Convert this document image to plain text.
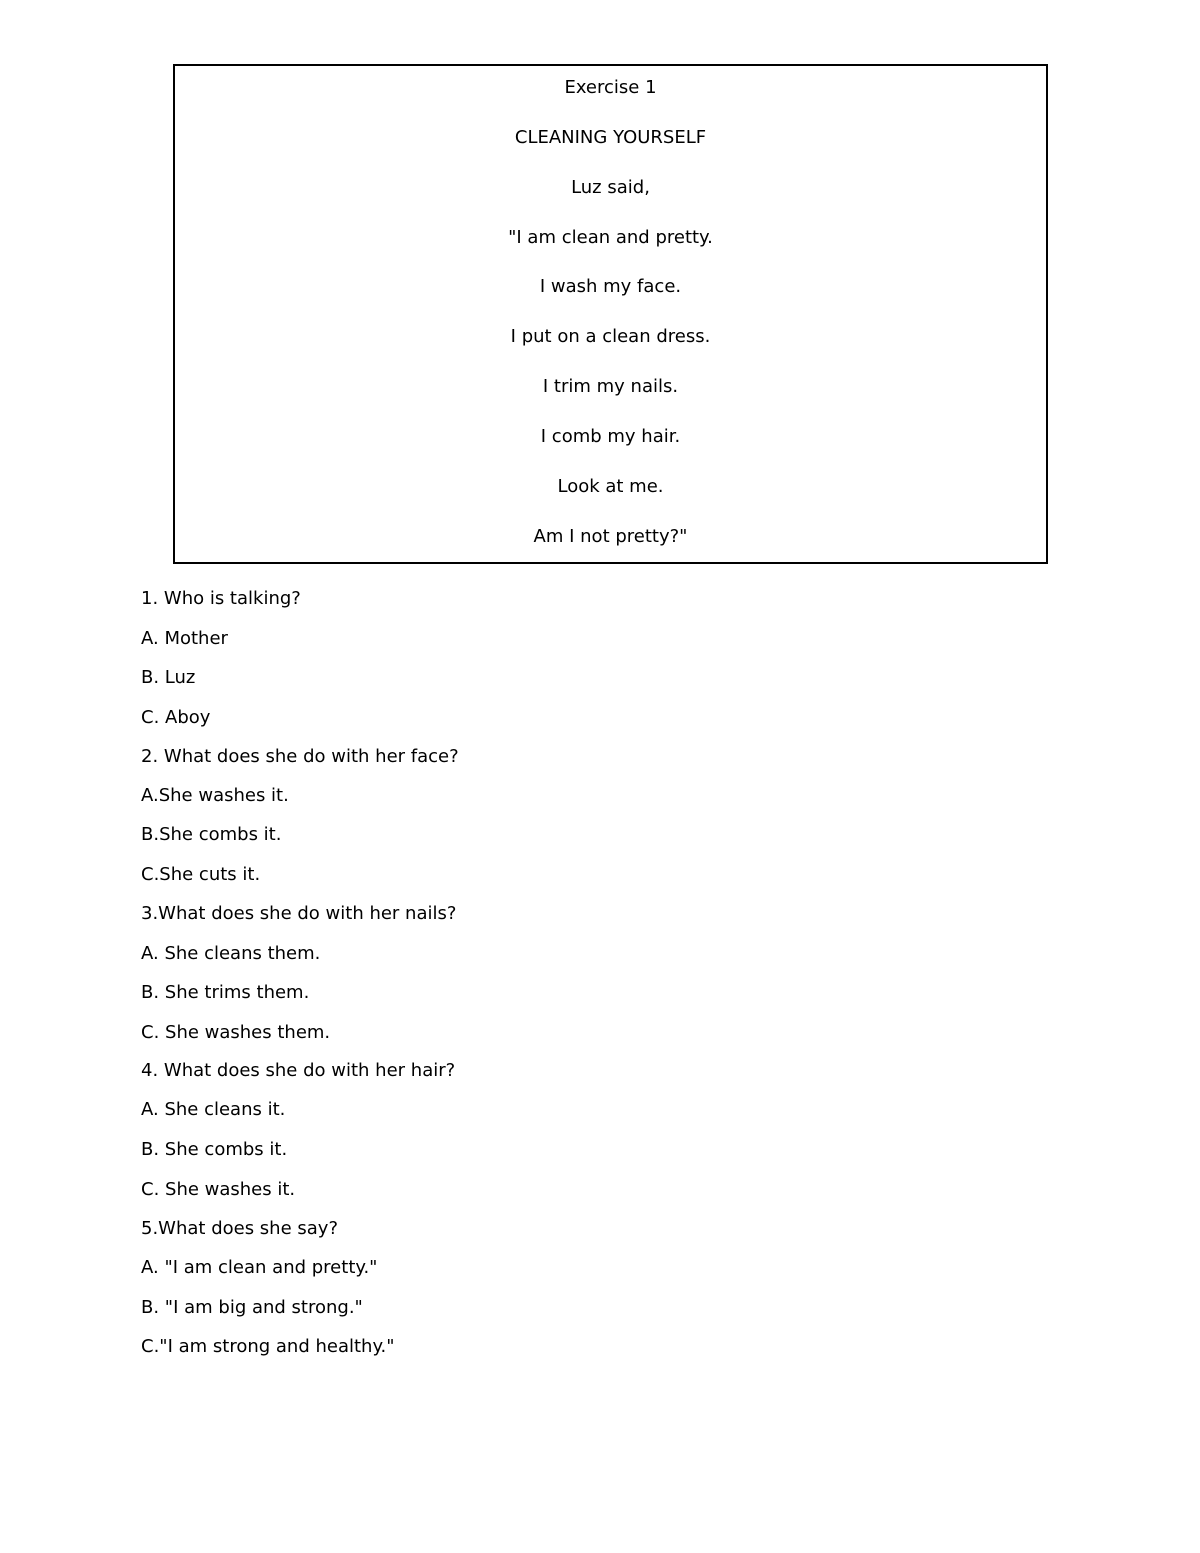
Exercise 1
CLEANING YOURSELF
Luz said,
"I am clean and pretty.
I wash my face.
I put on a clean dress.
I trim my nails.
I comb my hair.
Look at me.
Am I not pretty?"
1. Who is talking?
A. Mother
B. Luz
C. Aboy
2. What does she do with her face?
A.She washes it.
B.She combs it.
C.She cuts it.
3.What does she do with her nails?
A. She cleans them.
B. She trims them.
C. She washes them.
4. What does she do with her hair?
A. She cleans it.
B. She combs it.
C. She washes it.
5.What does she say?
A. "I am clean and pretty."
B. "I am big and strong."
C."I am strong and healthy."
